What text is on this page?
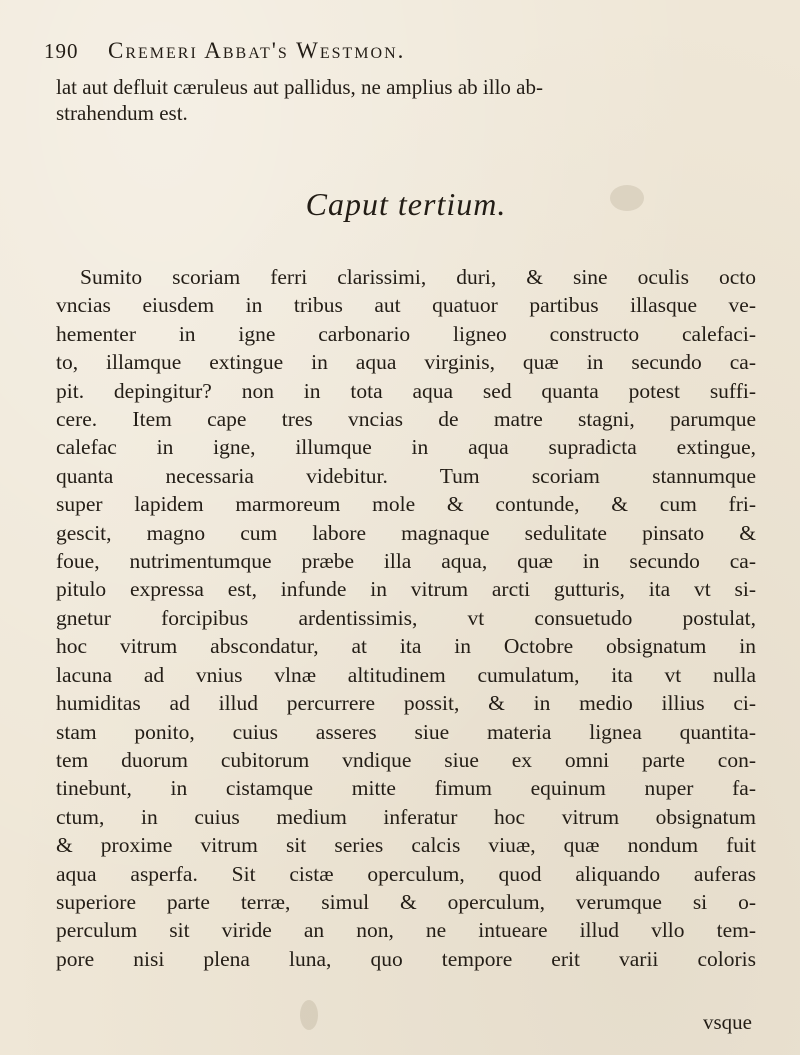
190 Cremeri Abbat's Westmon.
lat aut defluit cæruleus aut pallidus, ne amplius ab illo ab-
strahendum est.
Caput tertium.
Sumito scoriam ferri clarissimi, duri, & sine oculis octo
vncias eiusdem in tribus aut quatuor partibus illasque ve-
hementer in igne carbonario ligneo constructo calefaci-
to, illamque extingue in aqua virginis, quæ in secundo ca-
pit. depingitur? non in tota aqua sed quanta potest suffi-
cere. Item cape tres vncias de matre stagni, parumque
calefac in igne, illumque in aqua supradicta extingue,
quanta necessaria videbitur. Tum scoriam stannumque
super lapidem marmoreum mole & contunde, & cum fri-
gescit, magno cum labore magnaque sedulitate pinsato &
foue, nutrimentumque præbe illa aqua, quæ in secundo ca-
pitulo expressa est, infunde in vitrum arcti gutturis, ita vt si-
gnetur forcipibus ardentissimis, vt consuetudo postulat,
hoc vitrum abscondatur, at ita in Octobre obsignatum in
lacuna ad vnius vlnæ altitudinem cumulatum, ita vt nulla
humiditas ad illud percurrere possit, & in medio illius ci-
stam ponito, cuius asseres siue materia lignea quantita-
tem duorum cubitorum vndique siue ex omni parte con-
tinebunt, in cistamque mitte fimum equinum nuper fa-
ctum, in cuius medium inferatur hoc vitrum obsignatum
& proxime vitrum sit series calcis viuæ, quæ nondum fuit
aqua asperfa. Sit cistæ operculum, quod aliquando auferas
superiore parte terræ, simul & operculum, verumque si o-
perculum sit viride an non, ne intueare illud vllo tem-
pore nisi plena luna, quo tempore erit varii coloris
vsque
